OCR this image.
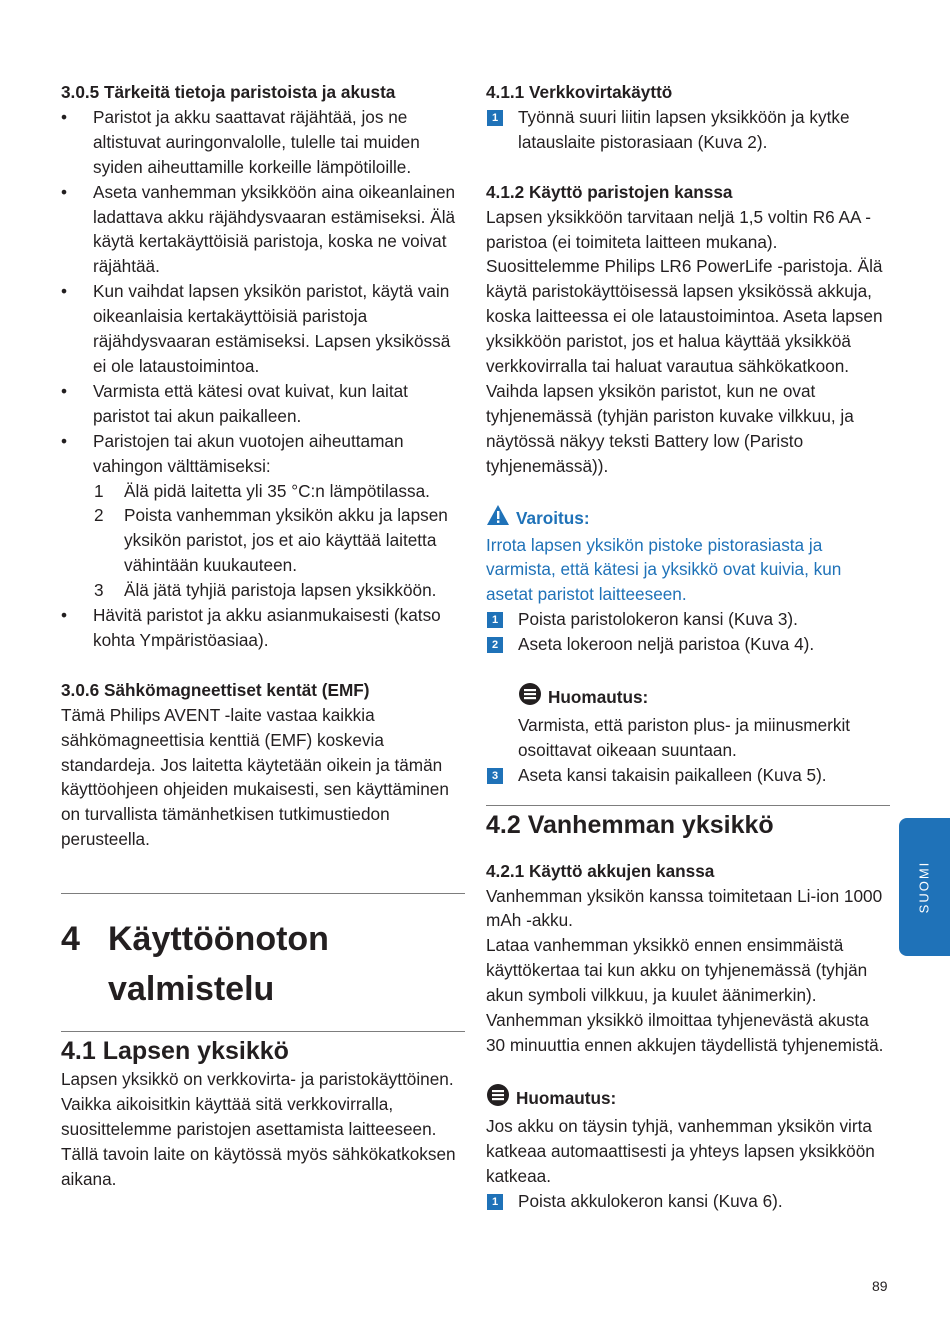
3.0.5 Tärkeitä tietoja paristoista ja akusta

• Paristot ja akku saattavat räjähtää, jos ne altistuvat auringonvalolle, tulelle tai muiden syiden aiheuttamille korkeille lämpötiloille.
• Aseta vanhemman yksikköön aina oikeanlainen ladattava akku räjähdysvaaran estämiseksi. Älä käytä kertakäyttöisiä paristoja, koska ne voivat räjähtää.
• Kun vaihdat lapsen yksikön paristot, käytä vain oikeanlaisia kertakäyttöisiä paristoja räjähdysvaaran estämiseksi. Lapsen yksikössä ei ole lataustoimintoa.
• Varmista että kätesi ovat kuivat, kun laitat paristot tai akun paikalleen.
• Paristojen tai akun vuotojen aiheuttaman vahingon välttämiseksi:
1 Älä pidä laitetta yli 35 °C:n lämpötilassa.
2 Poista vanhemman yksikön akku ja lapsen yksikön paristot, jos et aio käyttää laitetta vähintään kuukauteen.
3 Älä jätä tyhjiä paristoja lapsen yksikköön.
• Hävitä paristot ja akku asianmukaisesti (katso kohta Ympäristöasiaa).

3.0.6 Sähkömagneettiset kentät (EMF)

Tämä Philips AVENT -laite vastaa kaikkia sähkömagneettisia kenttiä (EMF) koskevia standardeja. Jos laitetta käytetään oikein ja tämän käyttöohjeen ohjeiden mukaisesti, sen käyttäminen on turvallista tämänhetkisen tutkimustiedon perusteella.

4 Käyttöönoton valmistelu
4.1 Lapsen yksikkö

Lapsen yksikkö on verkkovirta- ja paristokäyttöinen. Vaikka aikoisitkin käyttää sitä verkkovirralla, suosittelemme paristojen asettamista laitteeseen. Tällä tavoin laite on käytössä myös sähkökatkoksen aikana.

4.1.1 Verkkovirtakäyttö

1 Työnnä suuri liitin lapsen yksikköön ja kytke latauslaite pistorasiaan (Kuva 2).

4.1.2 Käyttö paristojen kanssa

Lapsen yksikköön tarvitaan neljä 1,5 voltin R6 AA -paristoa (ei toimiteta laitteen mukana). Suosittelemme Philips LR6 PowerLife -paristoja. Älä käytä paristokäyttöisessä lapsen yksikössä akkuja, koska laitteessa ei ole lataustoimintoa. Aseta lapsen yksikköön paristot, jos et halua käyttää yksikköä verkkovirralla tai haluat varautua sähkökatkoon. Vaihda lapsen yksikön paristot, kun ne ovat tyhjenemässä (tyhjän pariston kuvake vilkkuu, ja näytössä näkyy teksti Battery low (Paristo tyhjenemässä)).

Varoitus:

Irrota lapsen yksikön pistoke pistorasiasta ja varmista, että kätesi ja yksikkö ovat kuivia, kun asetat paristot laitteeseen.

1 Poista paristolokeron kansi (Kuva 3).
2 Aseta lokeroon neljä paristoa (Kuva 4).
Huomautus:

Varmista, että pariston plus- ja miinusmerkit osoittavat oikeaan suuntaan.

3 Aseta kansi takaisin paikalleen (Kuva 5).
4.2 Vanhemman yksikkö

4.2.1 Käyttö akkujen kanssa

Vanhemman yksikön kanssa toimitetaan Li-ion 1000 mAh -akku.

Lataa vanhemman yksikkö ennen ensimmäistä käyttökertaa tai kun akku on tyhjenemässä (tyhjän akun symboli vilkkuu, ja kuulet äänimerkin). Vanhemman yksikkö ilmoittaa tyhjenevästä akusta 30 minuuttia ennen akkujen täydellistä tyhjenemistä.

Huomautus:

Jos akku on täysin tyhjä, vanhemman yksikön virta katkeaa automaattisesti ja yhteys lapsen yksikköön katkeaa.

1 Poista akkulokeron kansi (Kuva 6).
SUOMI
89
